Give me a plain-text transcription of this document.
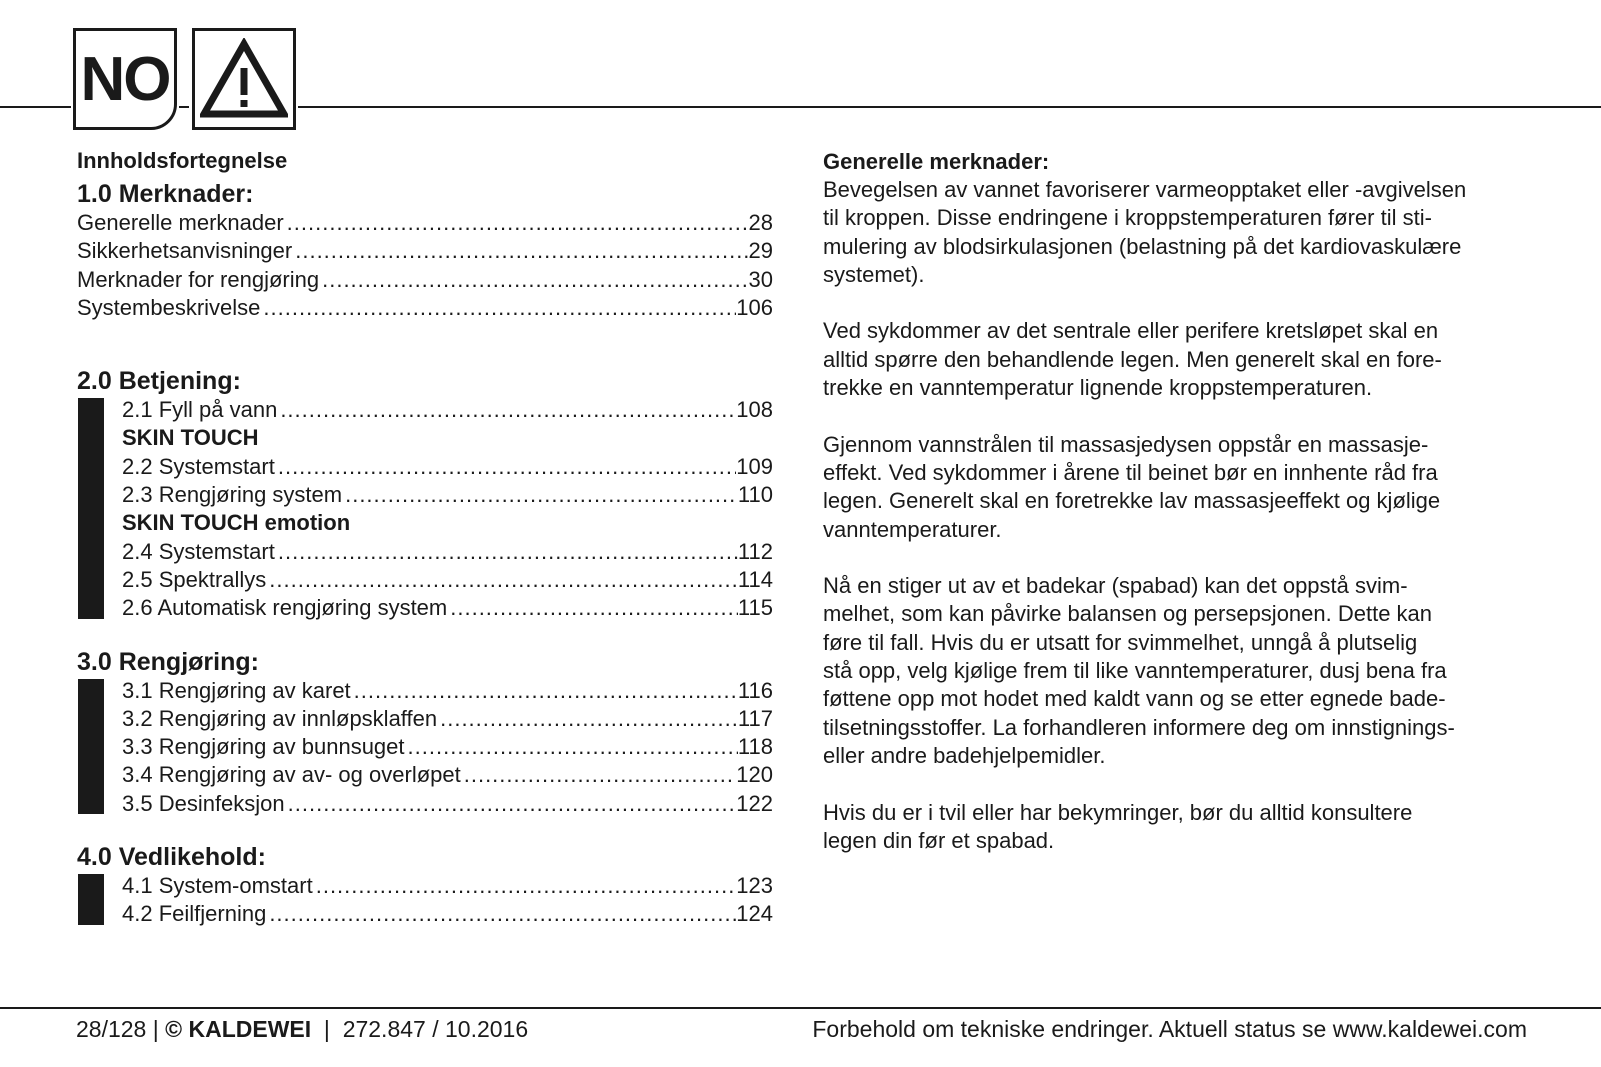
NO
Innholdsfortegnelse
1.0 Merknader:
Generelle merknader .....	28
Sikkerhetsanvisninger .....	29
Merknader for rengjøring .....	30
Systembeskrivelse .....	106
2.0 Betjening:
2.1 Fyll på vann .....	108
SKIN TOUCH
2.2 Systemstart .....	109
2.3 Rengjøring system .....	110
SKIN TOUCH emotion
2.4 Systemstart .....	112
2.5 Spektrallys .....	114
2.6 Automatisk rengjøring system .....	115
3.0 Rengjøring:
3.1 Rengjøring av karet .....	116
3.2 Rengjøring av innløpsklaffen .....	117
3.3 Rengjøring av bunnsuget .....	118
3.4 Rengjøring av av- og overløpet .....	120
3.5 Desinfeksjon .....	122
4.0 Vedlikehold:
4.1 System-omstart .....	123
4.2 Feilfjerning .....	124
Generelle merknader:

Bevegelsen av vannet favoriserer varmeopptaket eller -avgivelsen
til kroppen. Disse endringene i kroppstemperaturen fører til sti-
mulering av blodsirkulasjonen (belastning på det kardiovaskulære
systemet).

Ved sykdommer av det sentrale eller perifere kretsløpet skal en
alltid spørre den behandlende legen. Men generelt skal en fore-
trekke en vanntemperatur lignende kroppstemperaturen.

Gjennom vannstrålen til massasjedysen oppstår en massasje-
effekt. Ved sykdommer i årene til beinet bør en innhente råd fra
legen. Generelt skal en foretrekke lav massasjeeffekt og kjølige
vanntemperaturer.

Nå en stiger ut av et badekar (spabad) kan det oppstå svim-
melhet, som kan påvirke balansen og persepsjonen. Dette kan
føre til fall. Hvis du er utsatt for svimmelhet, unngå å plutselig
stå opp, velg kjølige frem til like vanntemperaturer, dusj bena fra
føttene opp mot hodet med kaldt vann og se etter egnede bade-
tilsetningsstoffer. La forhandleren informere deg om innstignings-
eller andre badehjelpemidler.

Hvis du er i tvil eller har bekymringer, bør du alltid konsultere
legen din før et spabad.

28/128 | © KALDEWEI  |  272.847 / 10.2016	Forbehold om tekniske endringer. Aktuell status se www.kaldewei.com
